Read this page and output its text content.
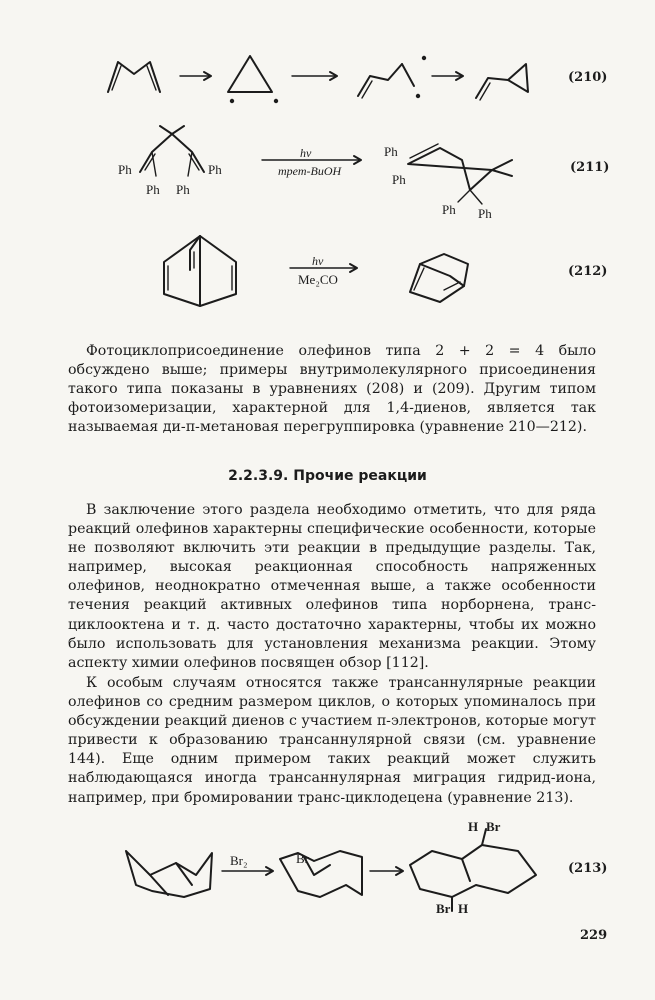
(210)
Ph
Ph Ph
Ph
hν
трет-BuOH
Ph
Ph
Ph Ph
(211)
hν
Me₂CO
(212)
Фотоциклоприсоединение олефинов типа 2 + 2 = 4 было обсуждено выше; примеры внутримолекулярного присоединения такого типа показаны в уравнениях (208) и (209). Другим типом фотоизомеризации, характерной для 1,4-диенов, является так называемая ди-π-метановая перегруппировка (уравнение 210—212).
2.2.3.9. Прочие реакции
В заключение этого раздела необходимо отметить, что для ряда реакций олефинов характерны специфические особенности, которые не позволяют включить эти реакции в предыдущие разделы. Так, например, высокая реакционная способность напряженных олефинов, неоднократно отмеченная выше, а также особенности течения реакций активных олефинов типа норборнена, транс-циклооктена и т. д. часто достаточно характерны, чтобы их можно было использовать для установления механизма реакции. Этому аспекту химии олефинов посвящен обзор [112].
К особым случаям относятся также трансаннулярные реакции олефинов со средним размером циклов, о которых упоминалось при обсуждении реакций диенов с участием π-электронов, которые могут привести к образованию трансаннулярной связи (см. уравнение 144). Еще одним примером таких реакций может служить наблюдающаяся иногда трансаннулярная миграция гидрид-иона, например, при бромировании транс-циклодецена (уравнение 213).
Br₂	Br
H Br
Br H
(213)
229
